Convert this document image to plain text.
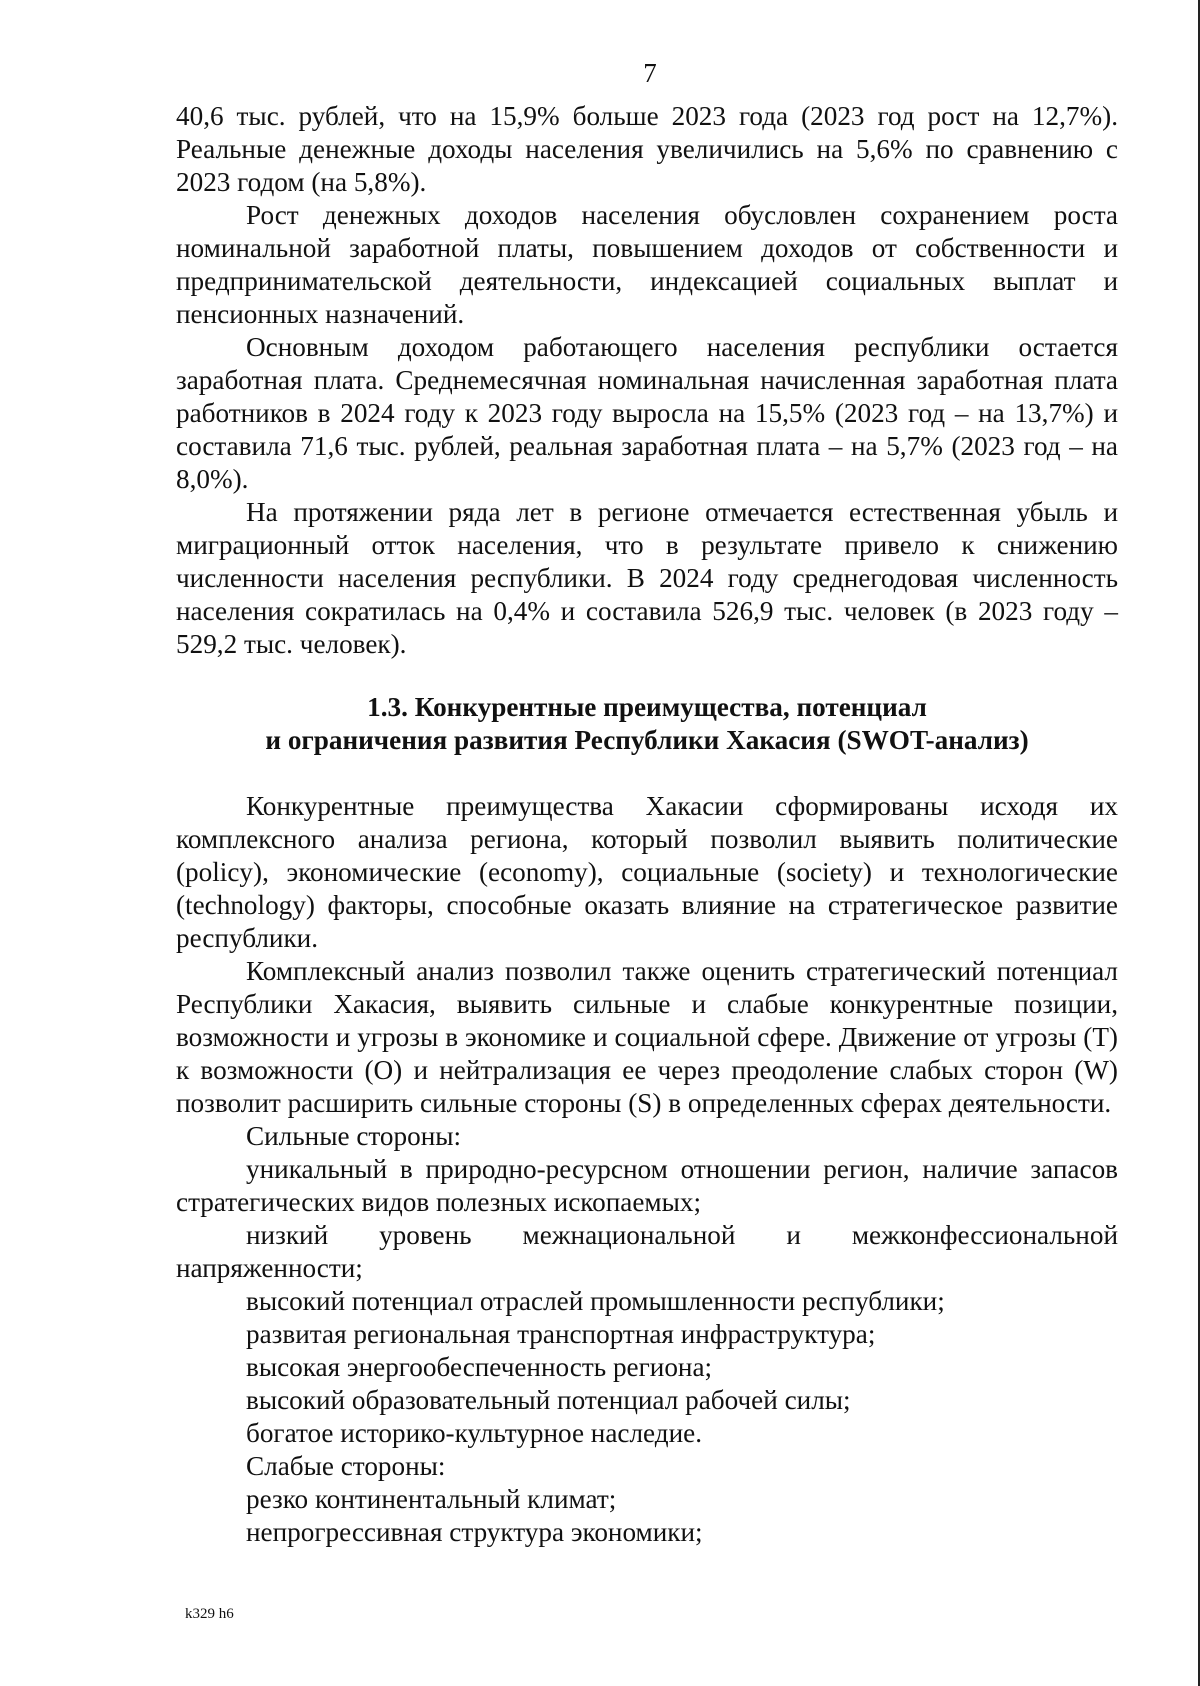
7

40,6 тыс. рублей, что на 15,9% больше 2023 года (2023 год рост на 12,7%). Реальные денежные доходы населения увеличились на 5,6% по сравнению с 2023 годом (на 5,8%).

Рост денежных доходов населения обусловлен сохранением роста номинальной заработной платы, повышением доходов от собственности и предпринимательской деятельности, индексацией социальных выплат и пенсионных назначений.

Основным доходом работающего населения республики остается заработная плата. Среднемесячная номинальная начисленная заработная плата работников в 2024 году к 2023 году выросла на 15,5% (2023 год – на 13,7%) и составила 71,6 тыс. рублей, реальная заработная плата – на 5,7% (2023 год – на 8,0%).

На протяжении ряда лет в регионе отмечается естественная убыль и миграционный отток населения, что в результате привело к снижению численности населения республики. В 2024 году среднегодовая численность населения сократилась на 0,4% и составила 526,9 тыс. человек (в 2023 году – 529,2 тыс. человек).

1.3. Конкурентные преимущества, потенциал
и ограничения развития Республики Хакасия (SWOT-анализ)

Конкурентные преимущества Хакасии сформированы исходя их комплексного анализа региона, который позволил выявить политические (policy), экономические (economy), социальные (society) и технологические (technology) факторы, способные оказать влияние на стратегическое развитие республики.

Комплексный анализ позволил также оценить стратегический потенциал Республики Хакасия, выявить сильные и слабые конкурентные позиции, возможности и угрозы в экономике и социальной сфере. Движение от угрозы (T) к возможности (O) и нейтрализация ее через преодоление слабых сторон (W) позволит расширить сильные стороны (S) в определенных сферах деятельности.

Сильные стороны:

уникальный в природно-ресурсном отношении регион, наличие запасов стратегических видов полезных ископаемых;

низкий уровень межнациональной и межконфессиональной напряженности;

высокий потенциал отраслей промышленности республики;

развитая региональная транспортная инфраструктура;

высокая энергообеспеченность региона;

высокий образовательный потенциал рабочей силы;

богатое историко-культурное наследие.

Слабые стороны:

резко континентальный климат;

непрогрессивная структура экономики;

k329 h6
